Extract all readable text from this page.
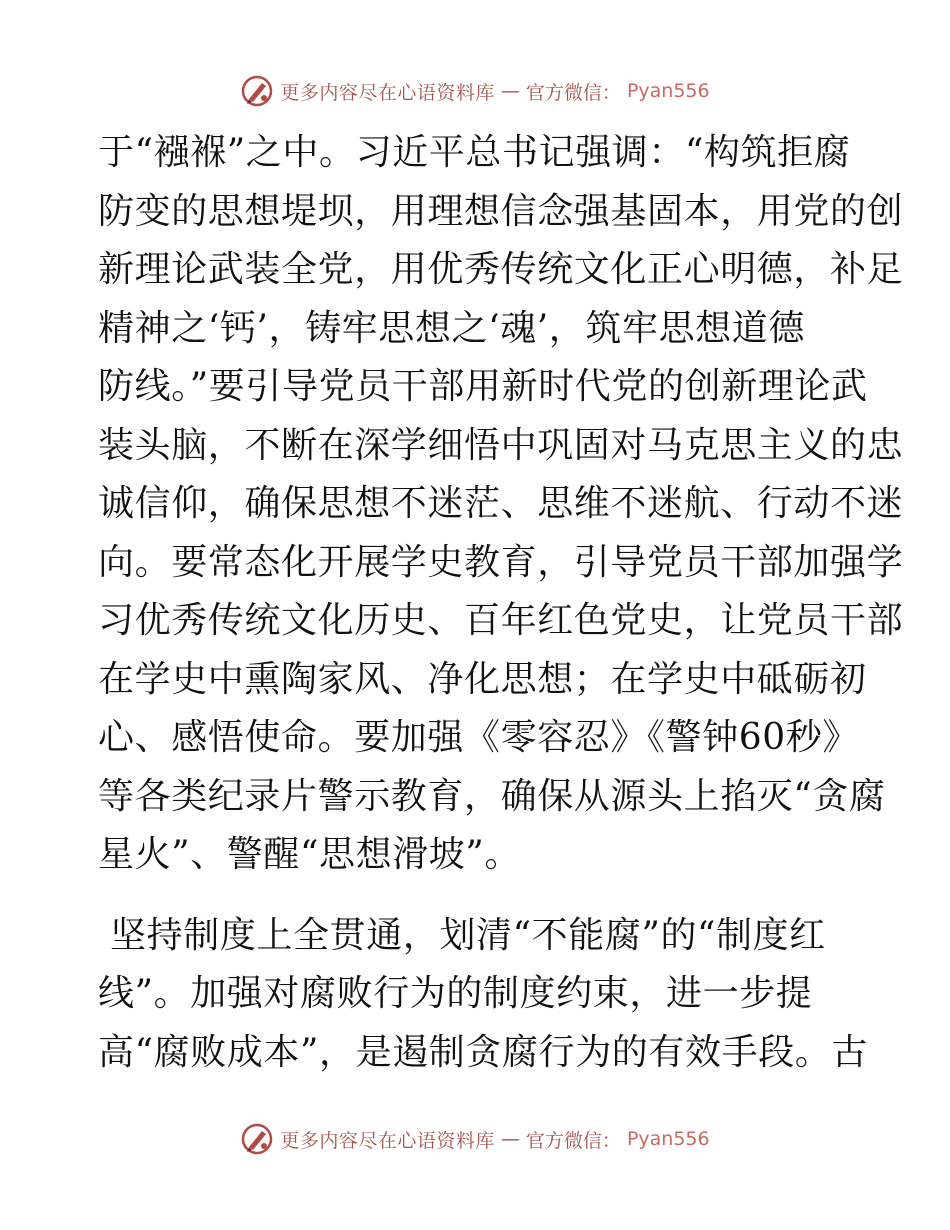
更多内容尽在心语资料库 — 官方微信： Pyan556
于“襁褓”之中。习近平总书记强调：“构筑拒腐
防变的思想堤坝，用理想信念强基固本，用党的创
新理论武装全党，用优秀传统文化正心明德，补足
精神之‘钙’，铸牢思想之‘魂’，筑牢思想道德
防线。”要引导党员干部用新时代党的创新理论武
装头脑，不断在深学细悟中巩固对马克思主义的忠
诚信仰，确保思想不迷茫、思维不迷航、行动不迷
向。要常态化开展学史教育，引导党员干部加强学
习优秀传统文化历史、百年红色党史，让党员干部
在学史中熏陶家风、净化思想；在学史中砥砺初
心、感悟使命。要加强《零容忍》《警钟60秒》
等各类纪录片警示教育，确保从源头上掐灭“贪腐
星火”、警醒“思想滑坡”。
坚持制度上全贯通，划清“不能腐”的“制度红
线”。加强对腐败行为的制度约束，进一步提
高“腐败成本”，是遏制贪腐行为的有效手段。古
更多内容尽在心语资料库 — 官方微信： Pyan556
